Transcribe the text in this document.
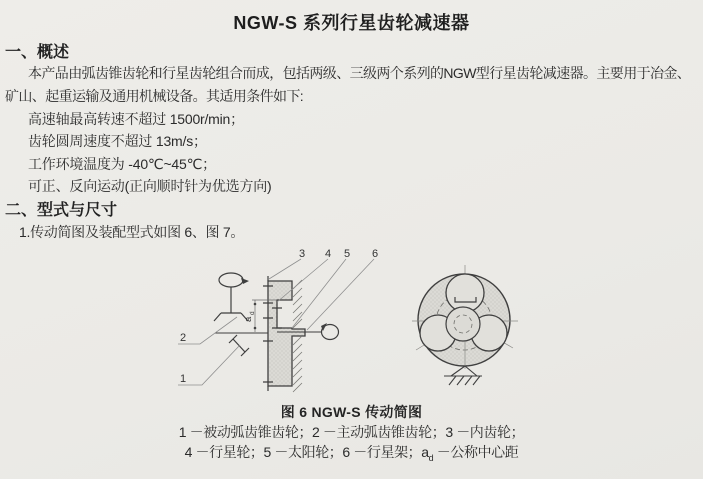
NGW-S 系列行星齿轮减速器
一、概述
本产品由弧齿锥齿轮和行星齿轮组合而成，包括两级、三级两个系列的NGW型行星齿轮减速器。主要用于冶金、矿山、起重运输及通用机械设备。其适用条件如下:
高速轴最高转速不超过 1500r/min；
齿轮圆周速度不超过 13m/s；
工作环境温度为 -40℃~45℃；
可正、反向运动(正向顺时针为优选方向)
二、型式与尺寸
1.传动简图及装配型式如图 6、图 7。
a
d
3 4 5 6
2
1
图 6 NGW-S 传动简图
1 －被动弧齿锥齿轮；2 －主动弧齿锥齿轮；3 －内齿轮；
4 －行星轮；5 －太阳轮；6 －行星架；$a_d$ －公称中心距
